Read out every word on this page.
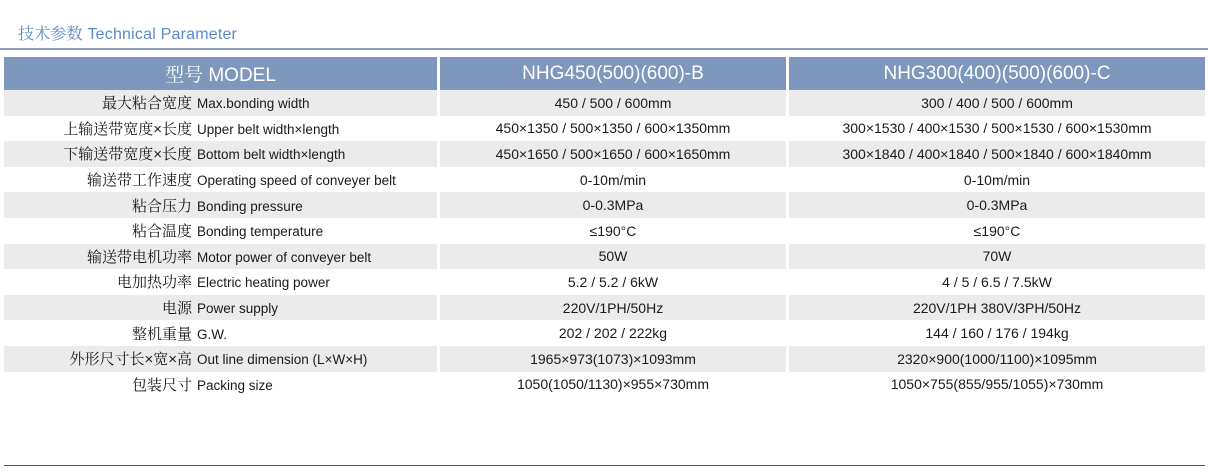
技术参数 Technical Parameter
型号 MODEL	NHG450(500)(600)-B	NHG300(400)(500)(600)-C
最大粘合宽度 Max.bonding width	450 / 500 / 600mm	300 / 400 / 500 / 600mm
上输送带宽度×长度 Upper belt width×length	450×1350 / 500×1350 / 600×1350mm	300×1530 / 400×1530 / 500×1530 / 600×1530mm
下输送带宽度×长度 Bottom belt width×length	450×1650 / 500×1650 / 600×1650mm	300×1840 / 400×1840 / 500×1840 / 600×1840mm
输送带工作速度 Operating speed of conveyer belt	0-10m/min	0-10m/min
粘合压力 Bonding pressure	0-0.3MPa	0-0.3MPa
粘合温度 Bonding temperature	≤190°C	≤190°C
输送带电机功率 Motor power of conveyer belt	50W	70W
电加热功率 Electric heating power	5.2 / 5.2 / 6kW	4 / 5 / 6.5 / 7.5kW
电源 Power supply	220V/1PH/50Hz	220V/1PH 380V/3PH/50Hz
整机重量 G.W.	202 / 202 / 222kg	144 / 160 / 176 / 194kg
外形尺寸长×宽×高 Out line dimension (L×W×H)	1965×973(1073)×1093mm	2320×900(1000/1100)×1095mm
包装尺寸 Packing size	1050(1050/1130)×955×730mm	1050×755(855/955/1055)×730mm
